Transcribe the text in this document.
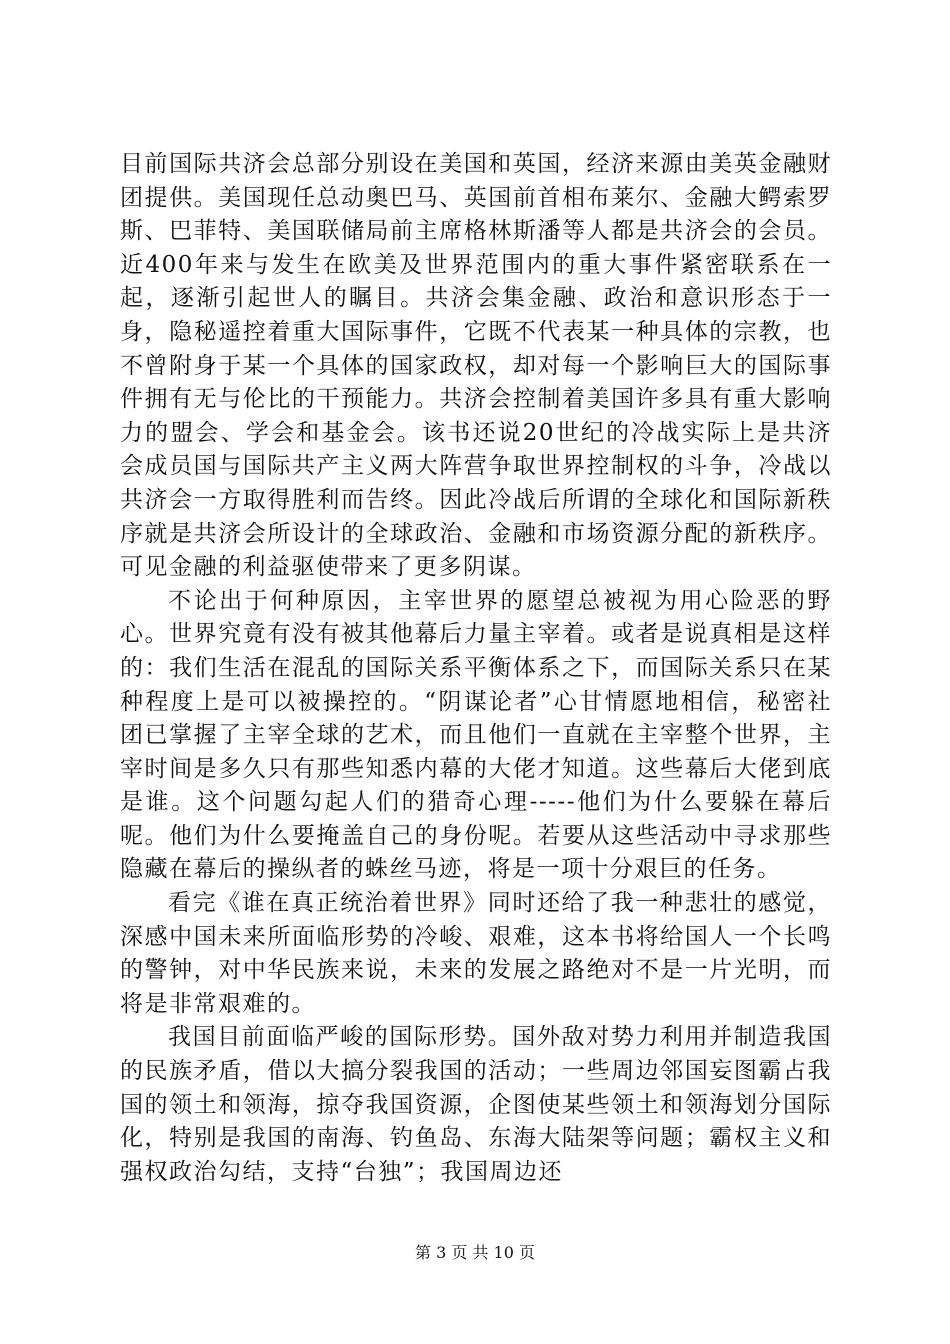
目前国际共济会总部分别设在美国和英国，经济来源由美英金融财团提供。美国现任总动奥巴马、英国前首相布莱尔、金融大鳄索罗斯、巴菲特、美国联储局前主席格林斯潘等人都是共济会的会员。近400年来与发生在欧美及世界范围内的重大事件紧密联系在一起，逐渐引起世人的瞩目。共济会集金融、政治和意识形态于一身，隐秘遥控着重大国际事件，它既不代表某一种具体的宗教，也不曾附身于某一个具体的国家政权，却对每一个影响巨大的国际事件拥有无与伦比的干预能力。共济会控制着美国许多具有重大影响力的盟会、学会和基金会。该书还说20世纪的冷战实际上是共济会成员国与国际共产主义两大阵营争取世界控制权的斗争，冷战以共济会一方取得胜利而告终。因此冷战后所谓的全球化和国际新秩序就是共济会所设计的全球政治、金融和市场资源分配的新秩序。可见金融的利益驱使带来了更多阴谋。

不论出于何种原因，主宰世界的愿望总被视为用心险恶的野心。世界究竟有没有被其他幕后力量主宰着。或者是说真相是这样的：我们生活在混乱的国际关系平衡体系之下，而国际关系只在某种程度上是可以被操控的。“阴谋论者”心甘情愿地相信，秘密社团已掌握了主宰全球的艺术，而且他们一直就在主宰整个世界，主宰时间是多久只有那些知悉内幕的大佬才知道。这些幕后大佬到底是谁。这个问题勾起人们的猎奇心理-----他们为什么要躲在幕后呢。他们为什么要掩盖自己的身份呢。若要从这些活动中寻求那些隐藏在幕后的操纵者的蛛丝马迹，将是一项十分艰巨的任务。

看完《谁在真正统治着世界》同时还给了我一种悲壮的感觉，深感中国未来所面临形势的冷峻、艰难，这本书将给国人一个长鸣的警钟，对中华民族来说，未来的发展之路绝对不是一片光明，而将是非常艰难的。

我国目前面临严峻的国际形势。国外敌对势力利用并制造我国的民族矛盾，借以大搞分裂我国的活动；一些周边邻国妄图霸占我国的领土和领海，掠夺我国资源，企图使某些领土和领海划分国际化，特别是我国的南海、钓鱼岛、东海大陆架等问题；霸权主义和强权政治勾结，支持“台独”；我国周边还

第 3 页 共 10 页
